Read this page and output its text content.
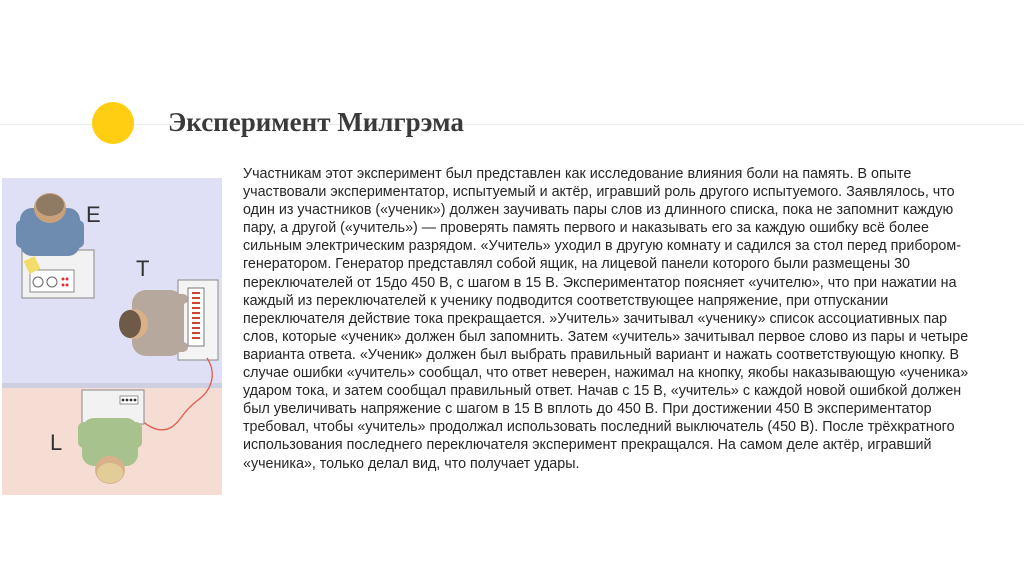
Эксперимент Милгрэма
E
T
L
Участникам этот эксперимент был представлен как исследование влияния боли на память. В опыте участвовали экспериментатор, испытуемый и актёр, игравший роль другого испытуемого. Заявлялось, что один из участников («ученик») должен заучивать пары слов из длинного списка, пока не запомнит каждую пару, а другой («учитель») — проверять память первого и наказывать его за каждую ошибку всё более сильным электрическим разрядом. «Учитель» уходил в другую комнату и садился за стол перед прибором-генератором. Генератор представлял собой ящик, на лицевой панели которого были размещены 30 переключателей от 15до 450 В, с шагом в 15 В. Экспериментатор поясняет «учителю», что при нажатии на каждый из переключателей к ученику подводится соответствующее напряжение, при отпускании переключателя действие тока прекращается. »Учитель» зачитывал «ученику» список ассоциативных пар слов, которые «ученик» должен был запомнить. Затем «учитель» зачитывал первое слово из пары и четыре варианта ответа. «Ученик» должен был выбрать правильный вариант и нажать соответствующую кнопку. В случае ошибки «учитель» сообщал, что ответ неверен, нажимал на кнопку, якобы наказывающую «ученика» ударом тока, и затем сообщал правильный ответ. Начав с 15 В, «учитель» с каждой новой ошибкой должен был увеличивать напряжение с шагом в 15 В вплоть до 450 В. При достижении 450 В экспериментатор требовал, чтобы «учитель» продолжал использовать последний выключатель (450 В). После трёхкратного использования последнего переключателя эксперимент прекращался. На самом деле актёр, игравший «ученика», только делал вид, что получает удары.
